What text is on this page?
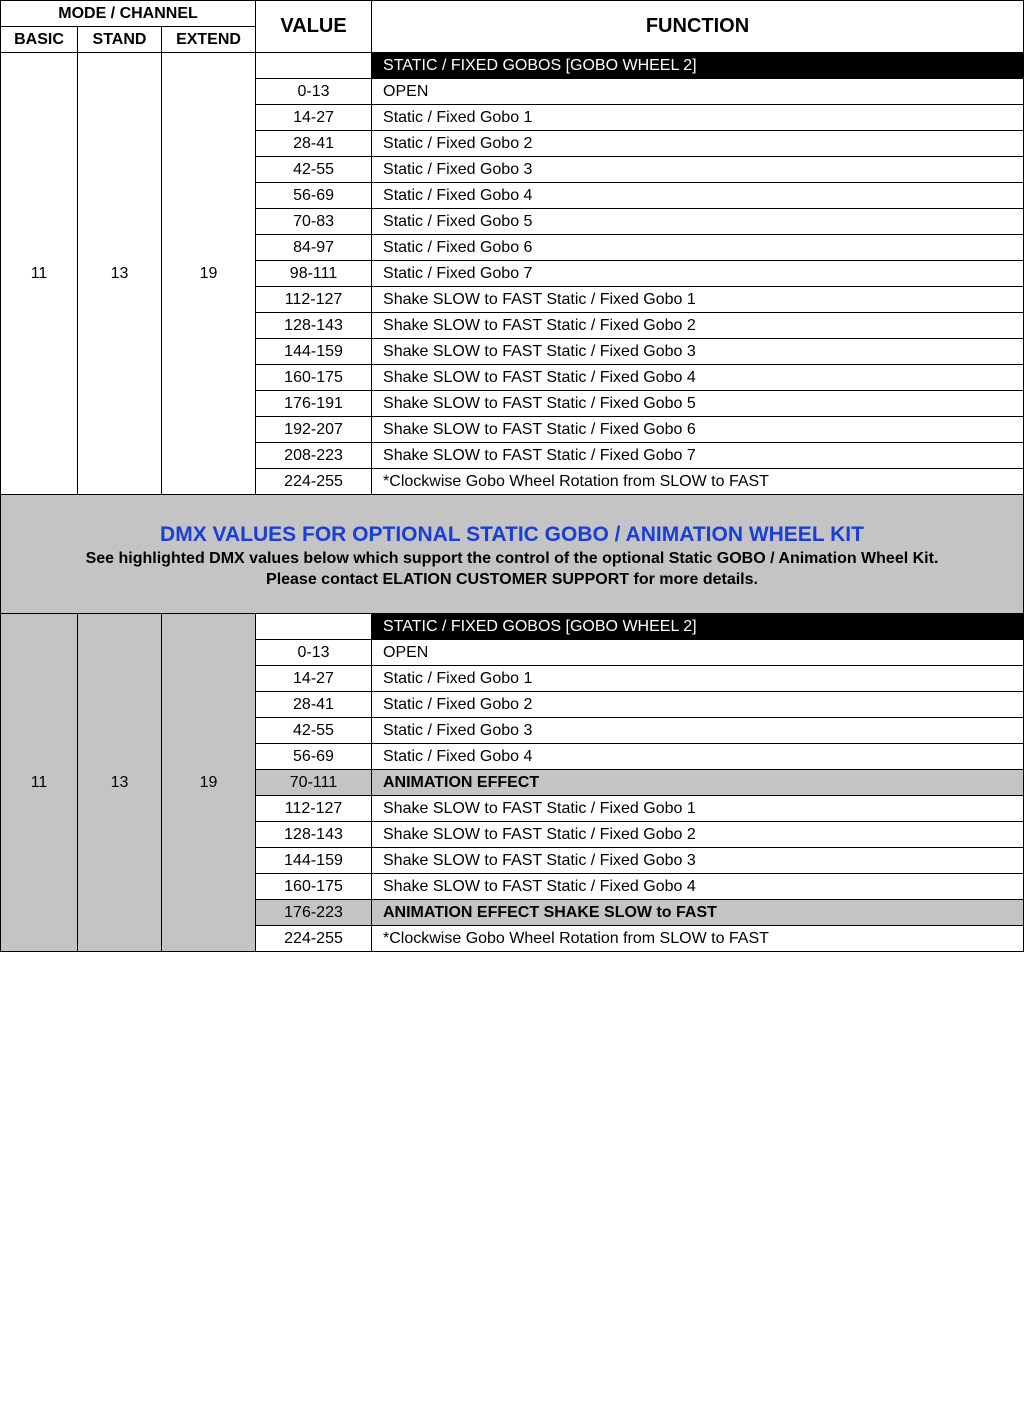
MODE / CHANNEL			VALUE	FUNCTION
BASIC	STAND	EXTEND		
11	13	19		STATIC / FIXED GOBOS [GOBO WHEEL 2]
			0-13	OPEN
			14-27	Static / Fixed Gobo 1
			28-41	Static / Fixed Gobo 2
			42-55	Static / Fixed Gobo 3
			56-69	Static / Fixed Gobo 4
			70-83	Static / Fixed Gobo 5
			84-97	Static / Fixed Gobo 6
			98-111	Static / Fixed Gobo 7
			112-127	Shake SLOW to FAST Static / Fixed Gobo 1
			128-143	Shake SLOW to FAST Static / Fixed Gobo 2
			144-159	Shake SLOW to FAST Static / Fixed Gobo 3
			160-175	Shake SLOW to FAST Static / Fixed Gobo 4
			176-191	Shake SLOW to FAST Static / Fixed Gobo 5
			192-207	Shake SLOW to FAST Static / Fixed Gobo 6
			208-223	Shake SLOW to FAST Static / Fixed Gobo 7
			224-255	*Clockwise Gobo Wheel Rotation from SLOW to FAST
DMX VALUES FOR OPTIONAL STATIC GOBO / ANIMATION WHEEL KIT
See highlighted DMX values below which support the control of the optional Static GOBO / Animation Wheel Kit.
Please contact ELATION CUSTOMER SUPPORT for more details.
11	13	19		STATIC / FIXED GOBOS [GOBO WHEEL 2]
			0-13	OPEN
			14-27	Static / Fixed Gobo 1
			28-41	Static / Fixed Gobo 2
			42-55	Static / Fixed Gobo 3
			56-69	Static / Fixed Gobo 4
			70-111	ANIMATION EFFECT
			112-127	Shake SLOW to FAST Static / Fixed Gobo 1
			128-143	Shake SLOW to FAST Static / Fixed Gobo 2
			144-159	Shake SLOW to FAST Static / Fixed Gobo 3
			160-175	Shake SLOW to FAST Static / Fixed Gobo 4
			176-223	ANIMATION EFFECT SHAKE SLOW to FAST
			224-255	*Clockwise Gobo Wheel Rotation from SLOW to FAST
